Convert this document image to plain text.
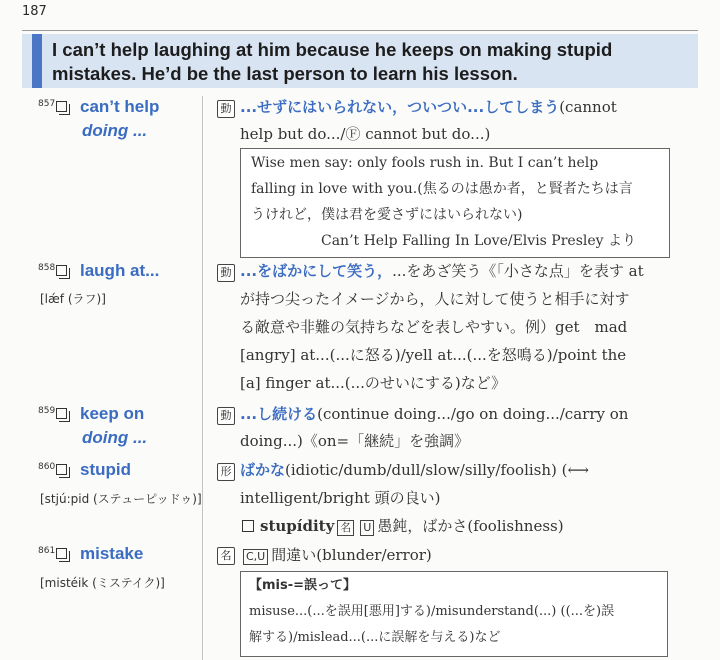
187
I can’t help laughing at him because he keeps on making stupid
mistakes. He’d be the last person to learn his lesson.
857 can’t help
doing ...
動 ...せずにはいられない，ついつい...してしまう(cannot
help but do.../Ⓕ cannot but do...)
Wise men say: only fools rush in. But I can’t help
falling in love with you.(焦るのは愚か者，と賢者たちは言
うけれど，僕は君を愛さずにはいられない)
Can’t Help Falling In Love/Elvis Presley より
858 laugh at...
[lǽf (ラフ)]
動 ...をばかにして笑う，...をあざ笑う《「小さな点」を表す at
が持つ尖ったイメージから，人に対して使うと相手に対す
る敵意や非難の気持ちなどを表しやすい。例）get　mad
[angry] at...(...に怒る)/yell at...(...を怒鳴る)/point the
[a] finger at...(...のせいにする)など》
859 keep on
doing ...
動 ...し続ける(continue doing.../go on doing.../carry on
doing...)《on=「継続」を強調》
860 stupid
[stjú:pid (ステューピッドゥ)]
形 ばかな(idiotic/dumb/dull/slow/silly/foolish) (⟷
intelligent/bright 頭の良い)
stupídity 名 U 愚鈍，ばかさ(foolishness)
861 mistake
[mistéik (ミステイク)]
名	C,U 間違い(blunder/error)
【mis-=誤って】
misuse...(...を誤用[悪用]する)/misunderstand(...) ((...を)誤
解する)/mislead...(...に誤解を与える)など
